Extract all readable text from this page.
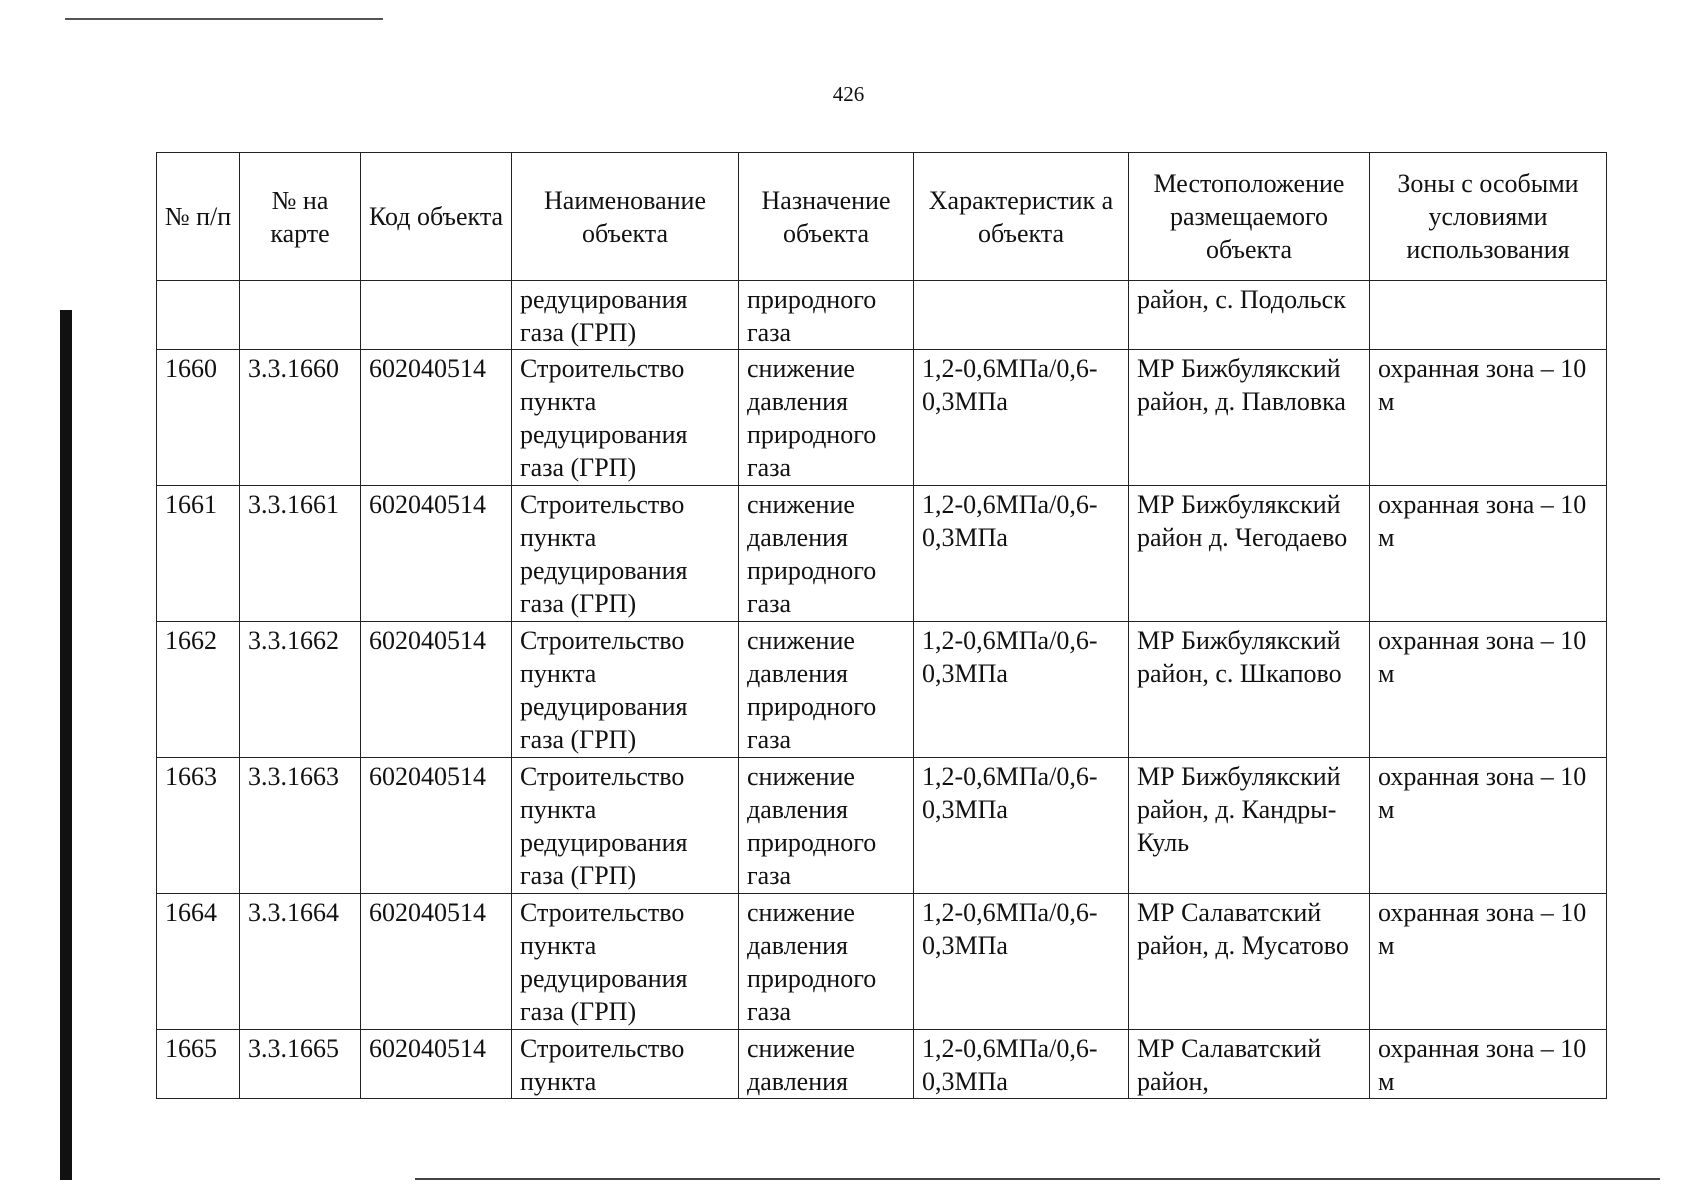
426
№ п/п	№ на карте	Код объекта	Наименование объекта	Назначение объекта	Характеристик а объекта	Местоположение размещаемого объекта	Зоны с особыми условиями использования
			редуцирования газа (ГРП)	природного газа		район, с. Подольск	
1660	3.3.1660	602040514	Строительство пункта редуцирования газа (ГРП)	снижение давления природного газа	1,2-0,6МПа/0,6-0,3МПа	МР Бижбулякский район, д. Павловка	охранная зона – 10 м
1661	3.3.1661	602040514	Строительство пункта редуцирования газа (ГРП)	снижение давления природного газа	1,2-0,6МПа/0,6-0,3МПа	МР Бижбулякский район д. Чегодаево	охранная зона – 10 м
1662	3.3.1662	602040514	Строительство пункта редуцирования газа (ГРП)	снижение давления природного газа	1,2-0,6МПа/0,6-0,3МПа	МР Бижбулякский район, с. Шкапово	охранная зона – 10 м
1663	3.3.1663	602040514	Строительство пункта редуцирования газа (ГРП)	снижение давления природного газа	1,2-0,6МПа/0,6-0,3МПа	МР Бижбулякский район, д. Кандры-Куль	охранная зона – 10 м
1664	3.3.1664	602040514	Строительство пункта редуцирования газа (ГРП)	снижение давления природного газа	1,2-0,6МПа/0,6-0,3МПа	МР Салаватский район, д. Мусатово	охранная зона – 10 м
1665	3.3.1665	602040514	Строительство пункта	снижение давления	1,2-0,6МПа/0,6-0,3МПа	МР Салаватский район,	охранная зона – 10 м
